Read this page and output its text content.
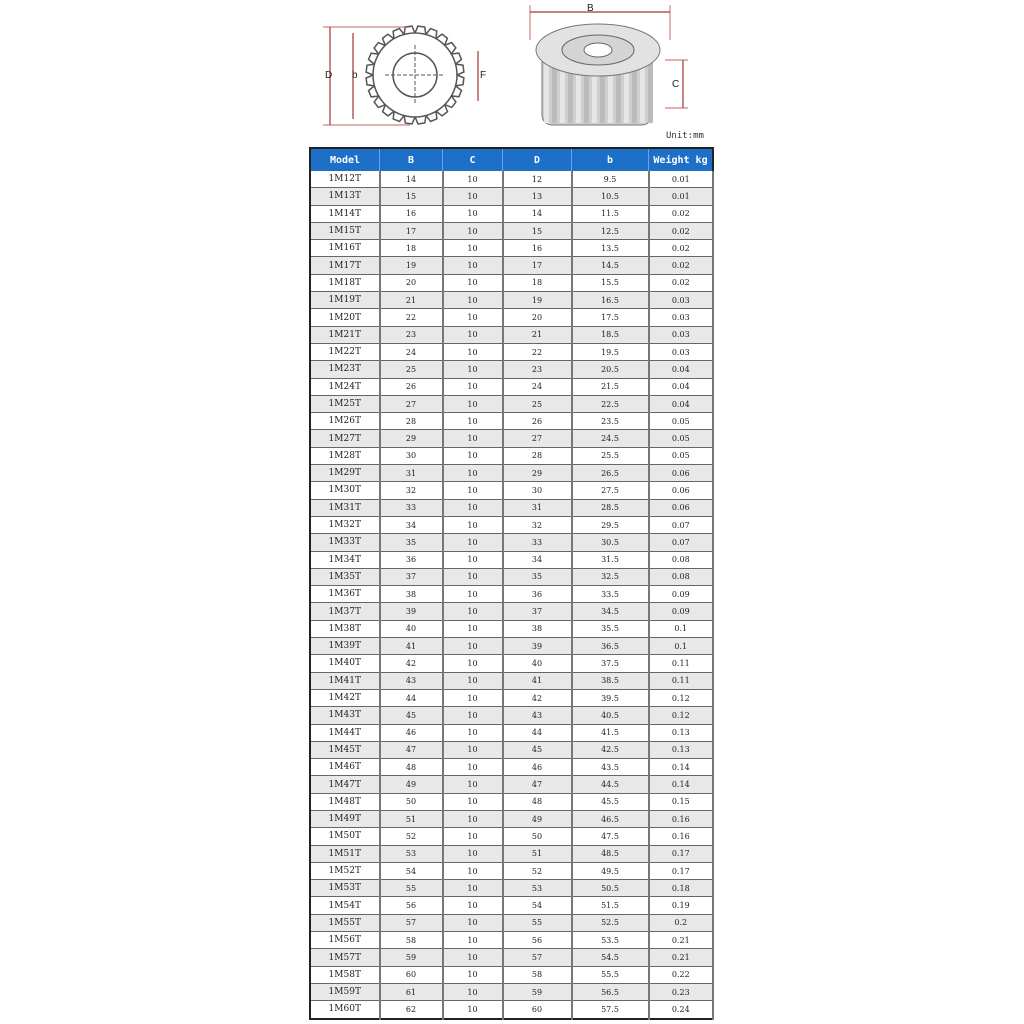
D b	F
B
C
Unit:mm
Model	B	C	D	b	Weight kg
1M12T	14	10	12	9.5	0.01
1M13T	15	10	13	10.5	0.01
1M14T	16	10	14	11.5	0.02
1M15T	17	10	15	12.5	0.02
1M16T	18	10	16	13.5	0.02
1M17T	19	10	17	14.5	0.02
1M18T	20	10	18	15.5	0.02
1M19T	21	10	19	16.5	0.03
1M20T	22	10	20	17.5	0.03
1M21T	23	10	21	18.5	0.03
1M22T	24	10	22	19.5	0.03
1M23T	25	10	23	20.5	0.04
1M24T	26	10	24	21.5	0.04
1M25T	27	10	25	22.5	0.04
1M26T	28	10	26	23.5	0.05
1M27T	29	10	27	24.5	0.05
1M28T	30	10	28	25.5	0.05
1M29T	31	10	29	26.5	0.06
1M30T	32	10	30	27.5	0.06
1M31T	33	10	31	28.5	0.06
1M32T	34	10	32	29.5	0.07
1M33T	35	10	33	30.5	0.07
1M34T	36	10	34	31.5	0.08
1M35T	37	10	35	32.5	0.08
1M36T	38	10	36	33.5	0.09
1M37T	39	10	37	34.5	0.09
1M38T	40	10	38	35.5	0.1
1M39T	41	10	39	36.5	0.1
1M40T	42	10	40	37.5	0.11
1M41T	43	10	41	38.5	0.11
1M42T	44	10	42	39.5	0.12
1M43T	45	10	43	40.5	0.12
1M44T	46	10	44	41.5	0.13
1M45T	47	10	45	42.5	0.13
1M46T	48	10	46	43.5	0.14
1M47T	49	10	47	44.5	0.14
1M48T	50	10	48	45.5	0.15
1M49T	51	10	49	46.5	0.16
1M50T	52	10	50	47.5	0.16
1M51T	53	10	51	48.5	0.17
1M52T	54	10	52	49.5	0.17
1M53T	55	10	53	50.5	0.18
1M54T	56	10	54	51.5	0.19
1M55T	57	10	55	52.5	0.2
1M56T	58	10	56	53.5	0.21
1M57T	59	10	57	54.5	0.21
1M58T	60	10	58	55.5	0.22
1M59T	61	10	59	56.5	0.23
1M60T	62	10	60	57.5	0.24
